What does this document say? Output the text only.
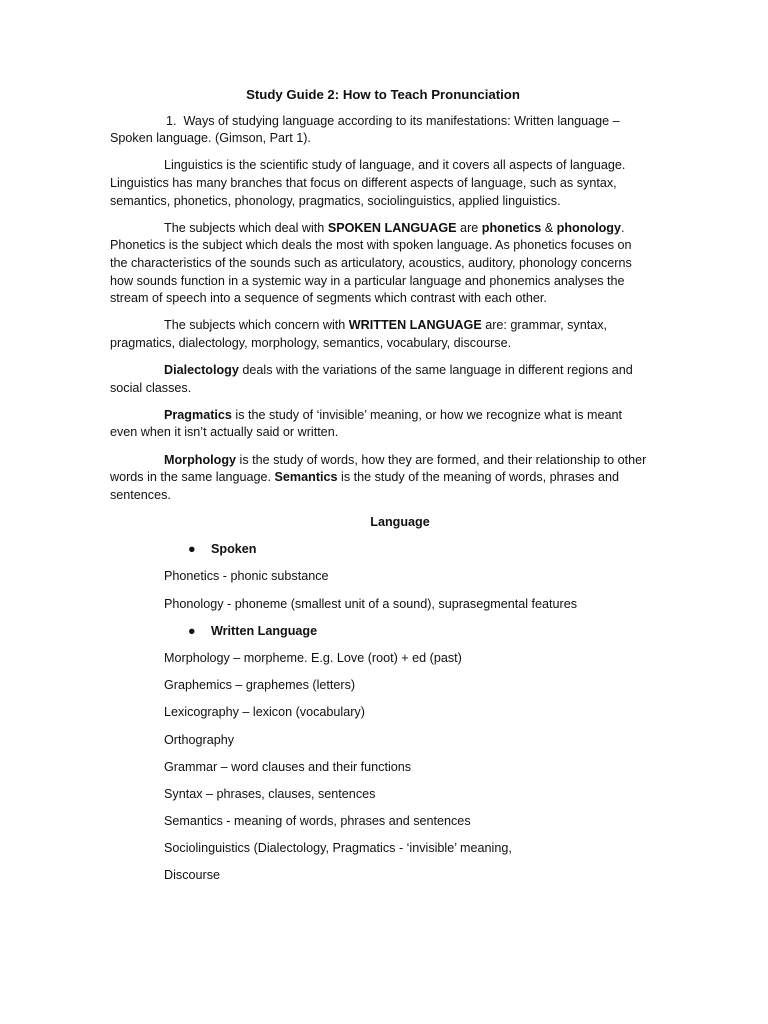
Study Guide 2: How to Teach Pronunciation

1. Ways of studying language according to its manifestations: Written language – Spoken language. (Gimson, Part 1).

Linguistics is the scientific study of language, and it covers all aspects of language. Linguistics has many branches that focus on different aspects of language, such as syntax, semantics, phonetics, phonology, pragmatics, sociolinguistics, applied linguistics.

The subjects which deal with SPOKEN LANGUAGE are phonetics & phonology. Phonetics is the subject which deals the most with spoken language. As phonetics focuses on the characteristics of the sounds such as articulatory, acoustics, auditory, phonology concerns how sounds function in a systemic way in a particular language and phonemics analyses the stream of speech into a sequence of segments which contrast with each other.

The subjects which concern with WRITTEN LANGUAGE are: grammar, syntax, pragmatics, dialectology, morphology, semantics, vocabulary, discourse.

Dialectology deals with the variations of the same language in different regions and social classes.

Pragmatics is the study of ‘invisible’ meaning, or how we recognize what is meant even when it isn’t actually said or written.

Morphology is the study of words, how they are formed, and their relationship to other words in the same language. Semantics is the study of the meaning of words, phrases and sentences.

Language
● Spoken
Phonetics - phonic substance
Phonology - phoneme (smallest unit of a sound), suprasegmental features
● Written Language
Morphology – morpheme. E.g. Love (root) + ed (past)
Graphemics – graphemes (letters)
Lexicography – lexicon (vocabulary)
Orthography
Grammar – word clauses and their functions
Syntax – phrases, clauses, sentences
Semantics - meaning of words, phrases and sentences
Sociolinguistics (Dialectology, Pragmatics - ‘invisible’ meaning,
Discourse
